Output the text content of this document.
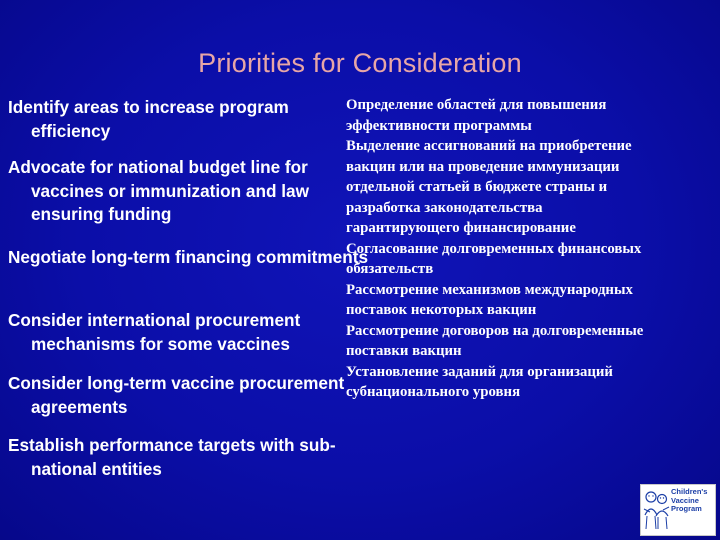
Priorities for Consideration
Identify areas to increase program efficiency
Advocate for national budget line for vaccines or immunization and law ensuring funding
Negotiate long-term financing commitments
Consider international procurement mechanisms for some vaccines
Consider long-term vaccine procurement agreements
Establish performance targets with sub-national entities
Определение областей для повышения
эффективности программы
Выделение ассигнований на приобретение
вакцин или на проведение иммунизации
отдельной статьей в бюджете страны и
разработка законодательства
гарантирующего финансирование
Согласование долговременных финансовых
обязательств
Рассмотрение механизмов международных
поставок некоторых вакцин
Рассмотрение договоров на долговременные
поставки вакцин
Установление заданий для организаций
субнационального уровня
Children's
Vaccine
Program
